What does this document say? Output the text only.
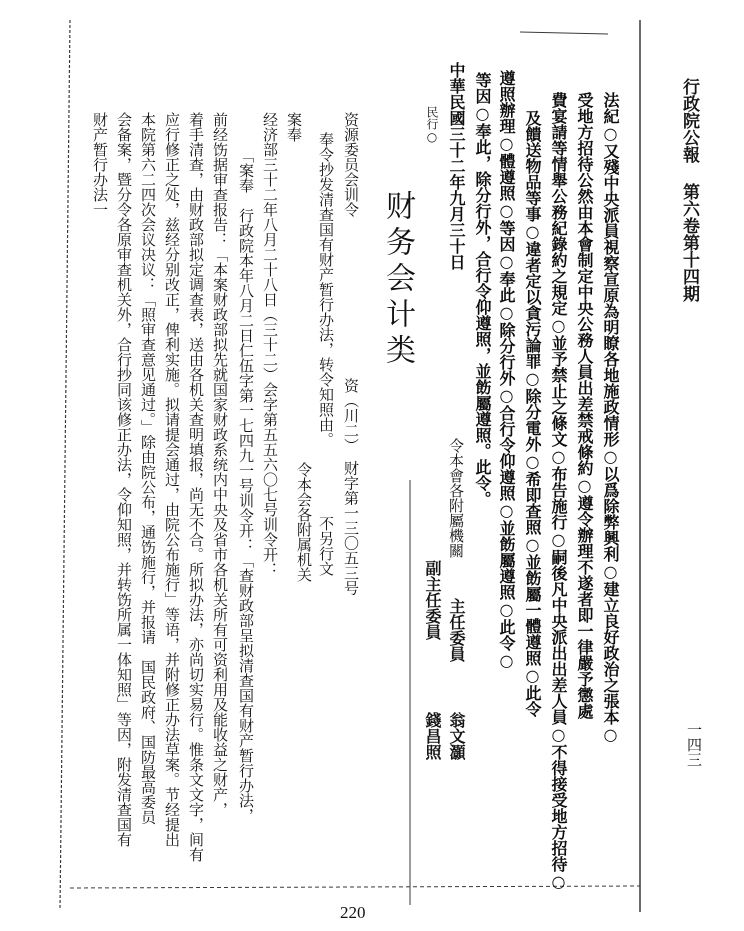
行政院公報 第六卷第十四期
一四三
法紀○又殘中央派員視察宣原為明瞭各地施政情形○以爲除弊興利○建立良好政治之張本○
受地方招待公然由本會制定中央公務人員出差禁戒條約○遵令辦理不遂者即一律嚴予懲處
費宴請等情舉公務紀錄約之規定○並予禁止之條文○布告施行○嗣後凡中央派出出差人員○不得接受地方招待○
及饋送物品等事○違者定以貪污論罪○除分電外○希即查照○並飭屬一體遵照○此令
遵照辦理○體遵照○等因○奉此○除分行外○合行令仰遵照○並飭屬遵照○此令○
等因○奉此，除分行外，合行令仰遵照，並飭屬遵照。此令。
中華民國三十二年九月三十日
民行○
令本會各附屬機關
主任委員
翁文灝
副主任委員
錢昌照
财务会计类
资源委员会训令
资（川二）　财字第一三〇五三号
奉令抄发清查国有财产暂行办法，转令知照由。
不另行文
令本会各附属机关
案奉
经济部三十二年八月二十八日（三十二）会字第五五六〇七号训令开：
「案奉　行政院本年八月二日仁伍字第一七四九一号训令开：「查财政部呈拟清查国有财产暂行办法，
前经饬据审查报告：「本案财政部拟先就国家财政系统内中央及省市各机关所有可资利用及能收益之财产，
着手清查，由财政部拟定调查表，送由各机关查明填报，尚无不合。所拟办法，亦尚切实易行。惟条文文字，间有
应行修正之处，兹经分别改正，俾利实施。拟请提会通过，由院公布施行」等语，并附修正办法草案。节经提出
本院第六二四次会议决议：「照审查意见通过。」除由院公布，通饬施行，并报请　国民政府、国防最高委员
会备案，暨分令各原审查机关外，合行抄同该修正办法，令仰知照，并转饬所属一体知照」等因，附发清查国有
财产暂行办法一
220
